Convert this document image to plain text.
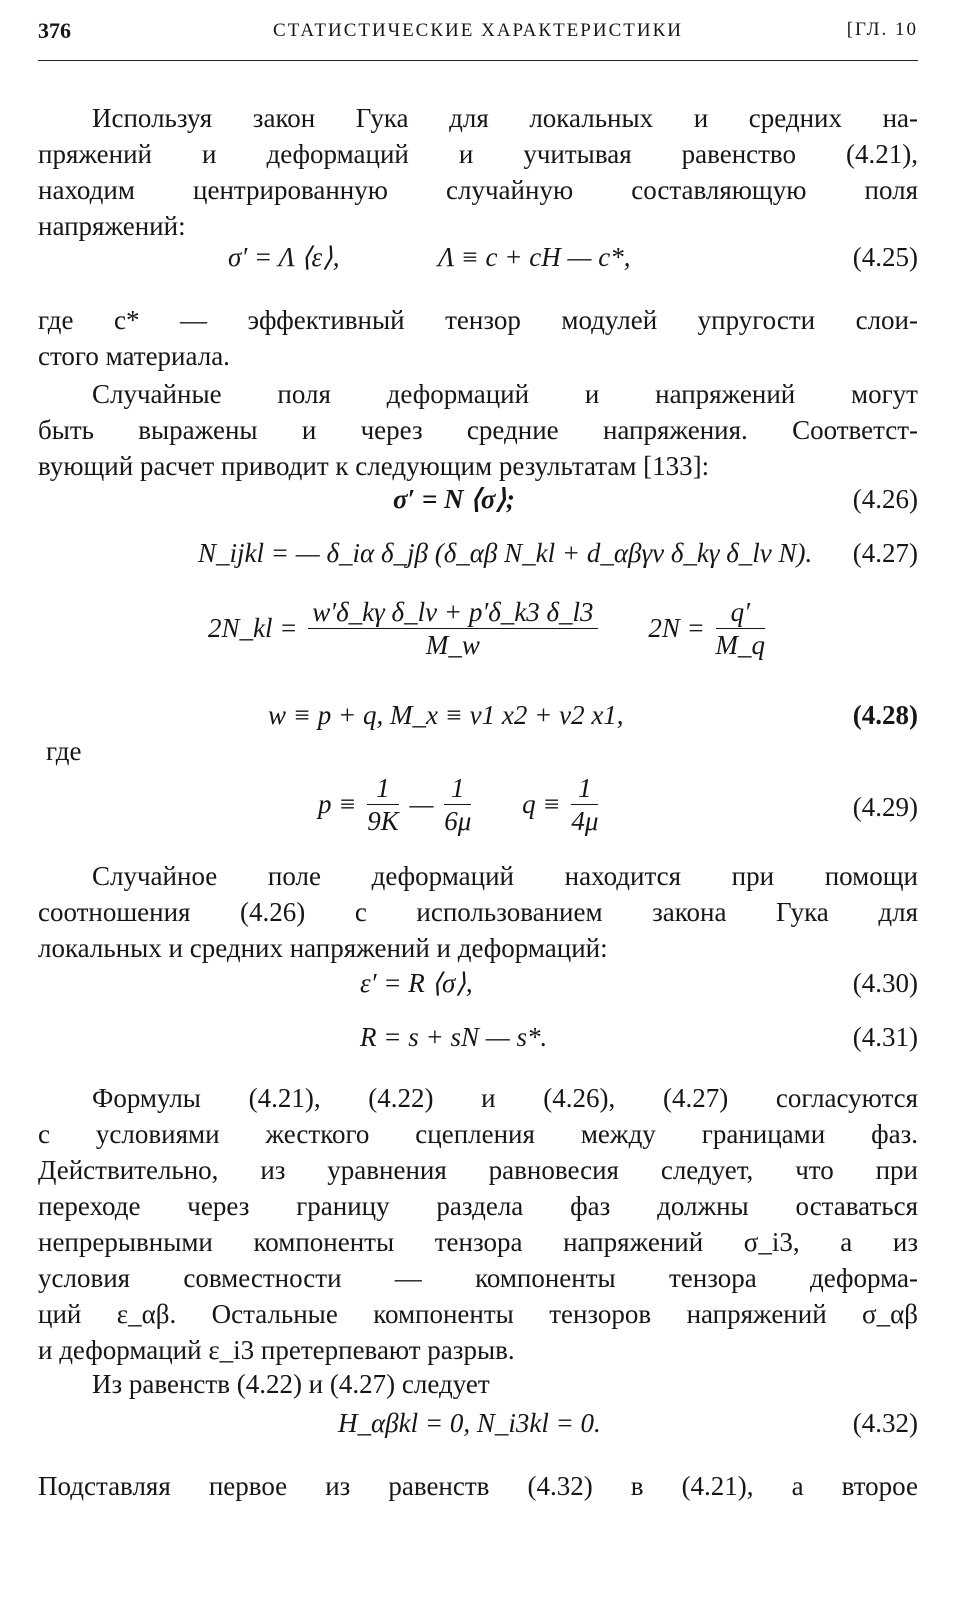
376	СТАТИСТИЧЕСКИЕ ХАРАКТЕРИСТИКИ	[ГЛ. 10
Используя закон Гука для локальных и средних на-
пряжений и деформаций и учитывая равенство (4.21),
находим центрированную случайную составляющую поля
напряжений:
σ′ = Λ ⟨ε⟩,	Λ ≡ c + cH — c*,	(4.25)
где c* — эффективный тензор модулей упругости слои-
стого материала.
Случайные поля деформаций и напряжений могут
быть выражены и через средние напряжения. Соответст-
вующий расчет приводит к следующим результатам [133]:
σ′ = N ⟨σ⟩;	(4.26)
N_ijkl = — δ_iα δ_jβ (δ_αβ N_kl + d_αβγν δ_kγ δ_lν N). (4.27)
2N_kl = $\frac{\text{w′δ\_kγ δ\_lν + p′δ\_k3 δ\_l3}}{M\_w} 2N = \frac{q'}{M\_q}$
w ≡ p + q, M_x ≡ v1 x2 + v2 x1,	(4.28)
где
$p \equiv \frac{1}{9K}$ — $\frac{1}{6\mu}$ $q \equiv \frac{1}{4\mu}$	(4.29)
Случайное поле деформаций находится при помощи
соотношения (4.26) с использованием закона Гука для
локальных и средних напряжений и деформаций:
ε′ = R ⟨σ⟩,	(4.30)
R = s + sN — s*.	(4.31)
Формулы (4.21), (4.22) и (4.26), (4.27) согласуются
с условиями жесткого сцепления между границами фаз.
Действительно, из уравнения равновесия следует, что при
переходе через границу раздела фаз должны оставаться
непрерывными компоненты тензора напряжений σ_i3, а из
условия совместности — компоненты тензора деформа-
ций ε_αβ. Остальные компоненты тензоров напряжений σ_αβ
и деформаций ε_i3 претерпевают разрыв.
Из равенств (4.22) и (4.27) следует
H_αβkl = 0, N_i3kl = 0.	(4.32)
Подставляя первое из равенств (4.32) в (4.21), а второе
